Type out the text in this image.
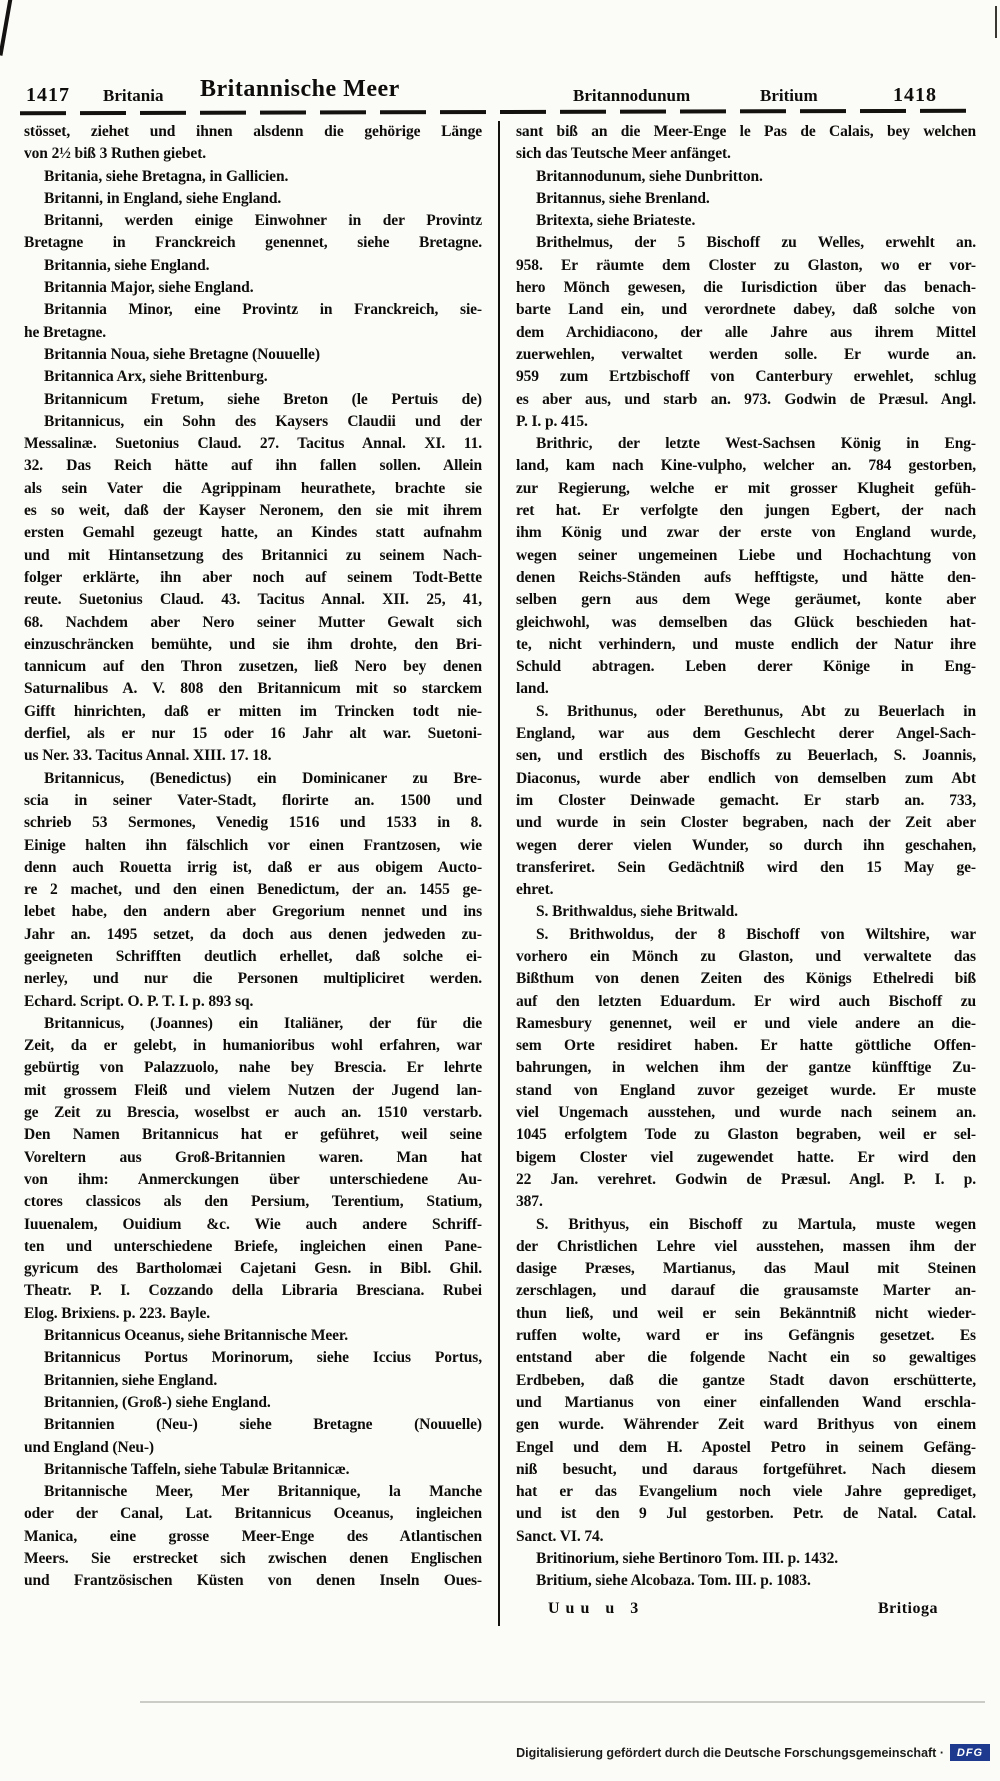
1417 Britania Britannische Meer	Britannodunum	Britium	1418
stösset, ziehet und ihnen alsdenn die gehörige Länge
von 2½ biß 3 Ruthen giebet.
Britania, siehe Bretagna, in Gallicien.
Britanni, in England, siehe England.
Britanni, werden einige Einwohner in der Provintz
Bretagne in Franckreich genennet, siehe Bretagne.
Britannia, siehe England.
Britannia Major, siehe England.
Britannia Minor, eine Provintz in Franckreich, sie-
he Bretagne.
Britannia Noua, siehe Bretagne (Nouuelle)
Britannica Arx, siehe Brittenburg.
Britannicum Fretum, siehe Breton (le Pertuis de)
Britannicus, ein Sohn des Kaysers Claudii und der
Messalinæ. Suetonius Claud. 27. Tacitus Annal. XI. 11.
32. Das Reich hätte auf ihn fallen sollen. Allein
als sein Vater die Agrippinam heurathete, brachte sie
es so weit, daß der Kayser Neronem, den sie mit ihrem
ersten Gemahl gezeugt hatte, an Kindes statt aufnahm
und mit Hintansetzung des Britannici zu seinem Nach-
folger erklärte, ihn aber noch auf seinem Todt-Bette
reute. Suetonius Claud. 43. Tacitus Annal. XII. 25, 41,
68. Nachdem aber Nero seiner Mutter Gewalt sich
einzuschräncken bemühte, und sie ihm drohte, den Bri-
tannicum auf den Thron zusetzen, ließ Nero bey denen
Saturnalibus A. V. 808 den Britannicum mit so starckem
Gifft hinrichten, daß er mitten im Trincken todt nie-
derfiel, als er nur 15 oder 16 Jahr alt war. Suetoni-
us Ner. 33. Tacitus Annal. XIII. 17. 18.
Britannicus, (Benedictus) ein Dominicaner zu Bre-
scia in seiner Vater-Stadt, florirte an. 1500 und
schrieb 53 Sermones, Venedig 1516 und 1533 in 8.
Einige halten ihn fälschlich vor einen Frantzosen, wie
denn auch Rouetta irrig ist, daß er aus obigem Aucto-
re 2 machet, und den einen Benedictum, der an. 1455 ge-
lebet habe, den andern aber Gregorium nennet und ins
Jahr an. 1495 setzet, da doch aus denen jedweden zu-
geeigneten Schrifften deutlich erhellet, daß solche ei-
nerley, und nur die Personen multipliciret werden.
Echard. Script. O. P. T. I. p. 893 sq.
Britannicus, (Joannes) ein Italiäner, der für die
Zeit, da er gelebt, in humanioribus wohl erfahren, war
gebürtig von Palazzuolo, nahe bey Brescia. Er lehrte
mit grossem Fleiß und vielem Nutzen der Jugend lan-
ge Zeit zu Brescia, woselbst er auch an. 1510 verstarb.
Den Namen Britannicus hat er geführet, weil seine
Voreltern aus Groß-Britannien waren. Man hat
von ihm: Anmerckungen über unterschiedene Au-
ctores classicos als den Persium, Terentium, Statium,
Iuuenalem, Ouidium &c. Wie auch andere Schriff-
ten und unterschiedene Briefe, ingleichen einen Pane-
gyricum des Bartholomæi Cajetani Gesn. in Bibl. Ghil.
Theatr. P. I. Cozzando della Libraria Bresciana. Rubei
Elog. Brixiens. p. 223. Bayle.
Britannicus Oceanus, siehe Britannische Meer.
Britannicus Portus Morinorum, siehe Iccius Portus,
Britannien, siehe England.
Britannien, (Groß-) siehe England.
Britannien (Neu-) siehe Bretagne (Nouuelle)
und England (Neu-)
Britannische Taffeln, siehe Tabulæ Britannicæ.
Britannische Meer, Mer Britannique, la Manche
oder der Canal, Lat. Britannicus Oceanus, ingleichen
Manica, eine grosse Meer-Enge des Atlantischen
Meers. Sie erstrecket sich zwischen denen Englischen
und Frantzösischen Küsten von denen Inseln Oues-
sant biß an die Meer-Enge le Pas de Calais, bey welchen
sich das Teutsche Meer anfänget.
Britannodunum, siehe Dunbritton.
Britannus, siehe Brenland.
Britexta, siehe Briateste.
Brithelmus, der 5 Bischoff zu Welles, erwehlt an.
958. Er räumte dem Closter zu Glaston, wo er vor-
hero Mönch gewesen, die Iurisdiction über das benach-
barte Land ein, und verordnete dabey, daß solche von
dem Archidiacono, der alle Jahre aus ihrem Mittel
zuerwehlen, verwaltet werden solle. Er wurde an.
959 zum Ertzbischoff von Canterbury erwehlet, schlug
es aber aus, und starb an. 973. Godwin de Præsul. Angl.
P. I. p. 415.
Brithric, der letzte West-Sachsen König in Eng-
land, kam nach Kine-vulpho, welcher an. 784 gestorben,
zur Regierung, welche er mit grosser Klugheit gefüh-
ret hat. Er verfolgte den jungen Egbert, der nach
ihm König und zwar der erste von England wurde,
wegen seiner ungemeinen Liebe und Hochachtung von
denen Reichs-Ständen aufs hefftigste, und hätte den-
selben gern aus dem Wege geräumet, konte aber
gleichwohl, was demselben das Glück beschieden hat-
te, nicht verhindern, und muste endlich der Natur ihre
Schuld abtragen. Leben derer Könige in Eng-
land.
S. Brithunus, oder Berethunus, Abt zu Beuerlach in
England, war aus dem Geschlecht derer Angel-Sach-
sen, und erstlich des Bischoffs zu Beuerlach, S. Joannis,
Diaconus, wurde aber endlich von demselben zum Abt
im Closter Deinwade gemacht. Er starb an. 733,
und wurde in sein Closter begraben, nach der Zeit aber
wegen derer vielen Wunder, so durch ihn geschahen,
transferiret. Sein Gedächtniß wird den 15 May ge-
ehret.
S. Brithwaldus, siehe Britwald.
S. Brithwoldus, der 8 Bischoff von Wiltshire, war
vorhero ein Mönch zu Glaston, und verwaltete das
Bißthum von denen Zeiten des Königs Ethelredi biß
auf den letzten Eduardum. Er wird auch Bischoff zu
Ramesbury genennet, weil er und viele andere an die-
sem Orte residiret haben. Er hatte göttliche Offen-
bahrungen, in welchen ihm der gantze künfftige Zu-
stand von England zuvor gezeiget wurde. Er muste
viel Ungemach ausstehen, und wurde nach seinem an.
1045 erfolgtem Tode zu Glaston begraben, weil er sel-
bigem Closter viel zugewendet hatte. Er wird den
22 Jan. verehret. Godwin de Præsul. Angl. P. I. p.
387.
S. Brithyus, ein Bischoff zu Martula, muste wegen
der Christlichen Lehre viel ausstehen, massen ihm der
dasige Præses, Martianus, das Maul mit Steinen
zerschlagen, und darauf die grausamste Marter an-
thun ließ, und weil er sein Bekänntniß nicht wieder-
ruffen wolte, ward er ins Gefängnis gesetzet. Es
entstand aber die folgende Nacht ein so gewaltiges
Erdbeben, daß die gantze Stadt davon erschütterte,
und Martianus von einer einfallenden Wand erschla-
gen wurde. Währender Zeit ward Brithyus von einem
Engel und dem H. Apostel Petro in seinem Gefäng-
niß besucht, und daraus fortgeführet. Nach diesem
hat er das Evangelium noch viele Jahre geprediget,
und ist den 9 Jul gestorben. Petr. de Natal. Catal.
Sanct. VI. 74.
Britinorium, siehe Bertinoro Tom. III. p. 1432.
Britium, siehe Alcobaza. Tom. III. p. 1083.
Uuu u 3	Britioga
Digitalisierung gefördert durch die Deutsche Forschungsgemeinschaft ·	DFG
